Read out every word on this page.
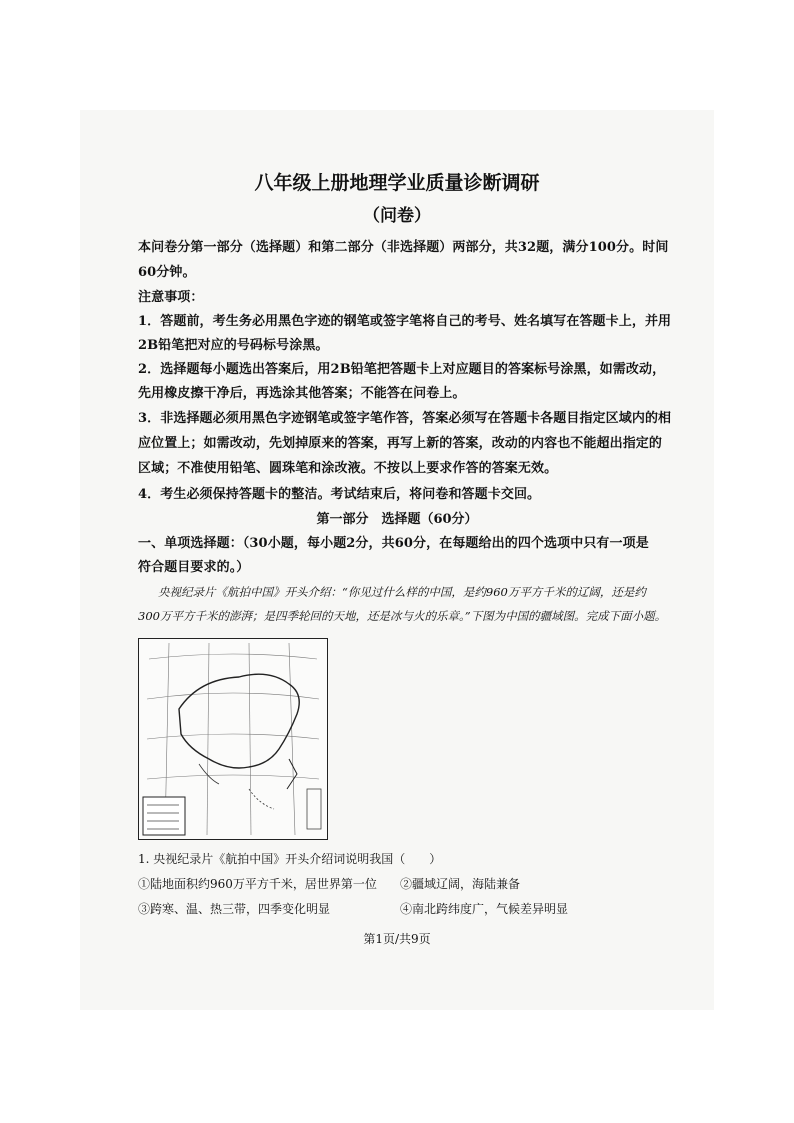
八年级上册地理学业质量诊断调研
（问卷）
本问卷分第一部分（选择题）和第二部分（非选择题）两部分，共32题，满分100分。时间
60分钟。
注意事项：
1．答题前，考生务必用黑色字迹的钢笔或签字笔将自己的考号、姓名填写在答题卡上，并用
2B铅笔把对应的号码标号涂黑。
2．选择题每小题选出答案后，用2B铅笔把答题卡上对应题目的答案标号涂黑，如需改动，
先用橡皮擦干净后，再选涂其他答案；不能答在问卷上。
3．非选择题必须用黑色字迹钢笔或签字笔作答，答案必须写在答题卡各题目指定区域内的相
应位置上；如需改动，先划掉原来的答案，再写上新的答案，改动的内容也不能超出指定的
区域；不准使用铅笔、圆珠笔和涂改液。不按以上要求作答的答案无效。
4．考生必须保持答题卡的整洁。考试结束后，将问卷和答题卡交回。
第一部分　选择题（60分）
一、单项选择题：（30小题，每小题2分，共60分，在每题给出的四个选项中只有一项是
符合题目要求的。）
央视纪录片《航拍中国》开头介绍：“你见过什么样的中国，是约960万平方千米的辽阔，还是约
300万平方千米的澎湃；是四季轮回的天地，还是冰与火的乐章。”下图为中国的疆域图。完成下面小题。
1. 央视纪录片《航拍中国》开头介绍词说明我国（　　）
①陆地面积约960万平方千米，居世界第一位 ②疆域辽阔，海陆兼备
③跨寒、温、热三带，四季变化明显	④南北跨纬度广，气候差异明显
第1页/共9页
